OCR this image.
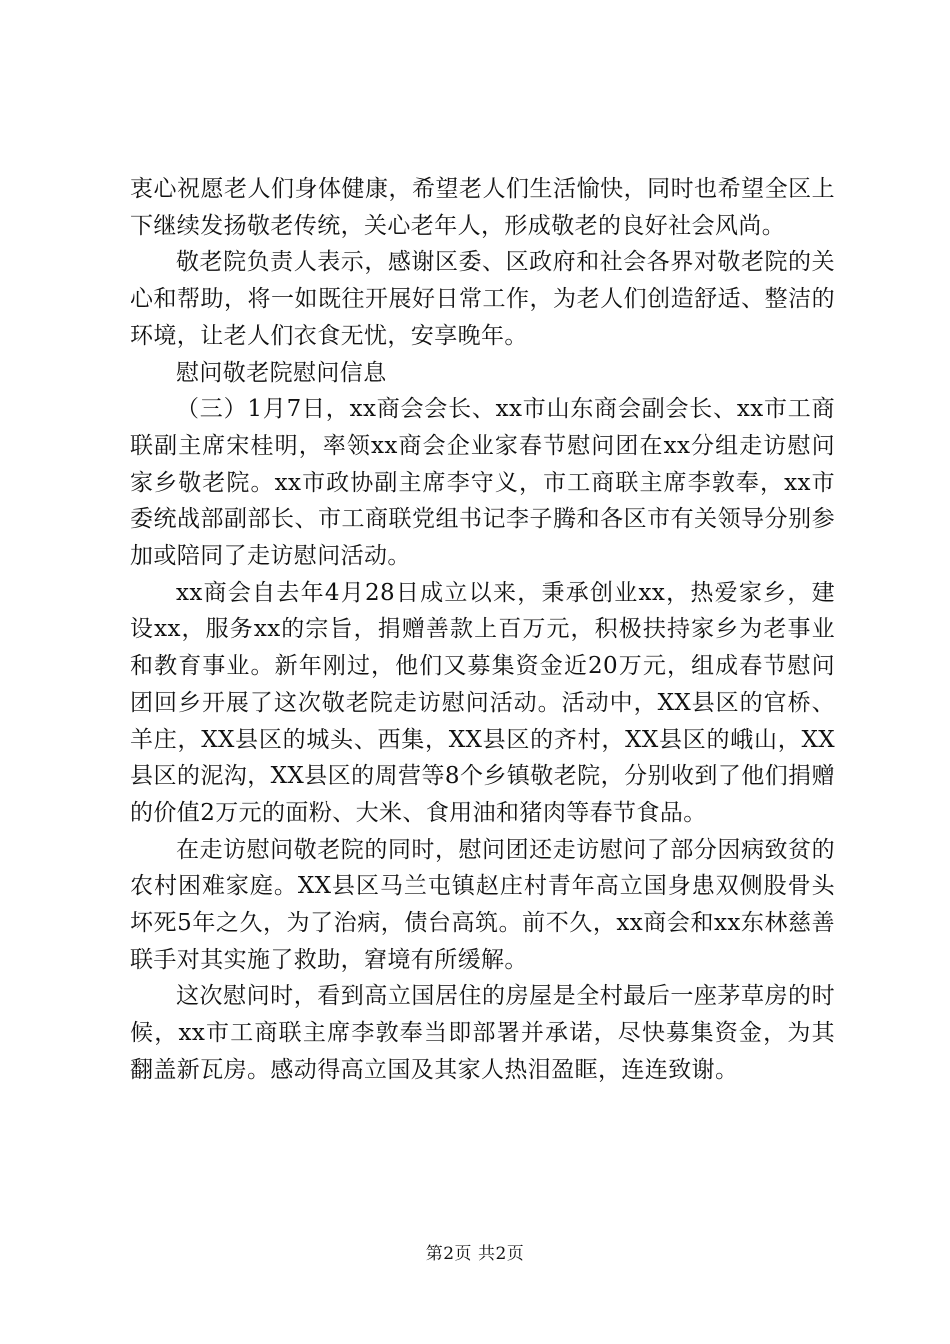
衷心祝愿老人们身体健康，希望老人们生活愉快，同时也希望全区上下继续发扬敬老传统，关心老年人，形成敬老的良好社会风尚。

敬老院负责人表示，感谢区委、区政府和社会各界对敬老院的关心和帮助，将一如既往开展好日常工作，为老人们创造舒适、整洁的环境，让老人们衣食无忧，安享晚年。

慰问敬老院慰问信息

（三）1月7日，xx商会会长、xx市山东商会副会长、xx市工商联副主席宋桂明，率领xx商会企业家春节慰问团在xx分组走访慰问家乡敬老院。xx市政协副主席李守义，市工商联主席李敦奉，xx市委统战部副部长、市工商联党组书记李子腾和各区市有关领导分别参加或陪同了走访慰问活动。

xx商会自去年4月28日成立以来，秉承创业xx，热爱家乡，建设xx，服务xx的宗旨，捐赠善款上百万元，积极扶持家乡为老事业和教育事业。新年刚过，他们又募集资金近20万元，组成春节慰问团回乡开展了这次敬老院走访慰问活动。活动中，XX县区的官桥、羊庄，XX县区的城头、西集，XX县区的齐村，XX县区的峨山，XX县区的泥沟，XX县区的周营等8个乡镇敬老院，分别收到了他们捐赠的价值2万元的面粉、大米、食用油和猪肉等春节食品。

在走访慰问敬老院的同时，慰问团还走访慰问了部分因病致贫的农村困难家庭。XX县区马兰屯镇赵庄村青年高立国身患双侧股骨头坏死5年之久，为了治病，债台高筑。前不久，xx商会和xx东林慈善联手对其实施了救助，窘境有所缓解。

这次慰问时，看到高立国居住的房屋是全村最后一座茅草房的时候，xx市工商联主席李敦奉当即部署并承诺，尽快募集资金，为其翻盖新瓦房。感动得高立国及其家人热泪盈眶，连连致谢。

第2页 共2页
